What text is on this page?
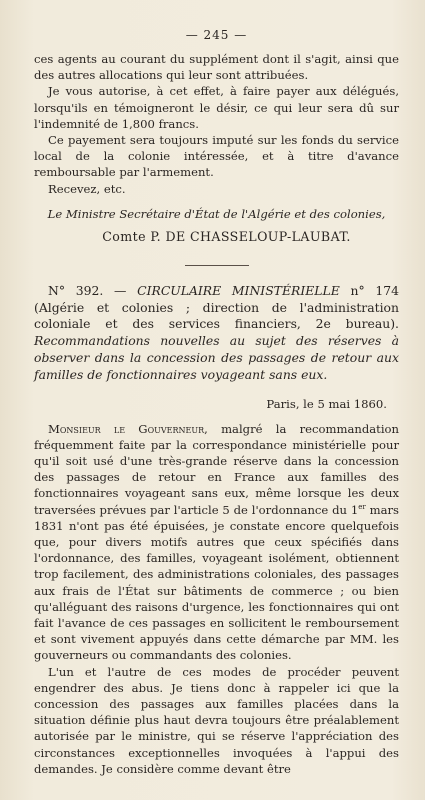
— 245 —

ces agents au courant du supplément dont il s'agit, ainsi que des autres allocations qui leur sont attribuées.

Je vous autorise, à cet effet, à faire payer aux délégués, lorsqu'ils en témoigneront le désir, ce qui leur sera dû sur l'indemnité de 1,800 francs.

Ce payement sera toujours imputé sur les fonds du service local de la colonie intéressée, et à titre d'avance remboursable par l'armement.

Recevez, etc.

Le Ministre Secrétaire d'État de l'Algérie et des colonies,
Comte P. DE CHASSELOUP-LAUBAT.
N° 392. — CIRCULAIRE MINISTÉRIELLE n° 174 (Algérie et colonies ; direction de l'administration coloniale et des services financiers, 2e bureau). Recommandations nouvelles au sujet des réserves à observer dans la concession des passages de retour aux familles de fonctionnaires voyageant sans eux.
Paris, le 5 mai 1860.

Monsieur le Gouverneur, malgré la recommandation fréquemment faite par la correspondance ministérielle pour qu'il soit usé d'une très-grande réserve dans la concession des passages de retour en France aux familles des fonctionnaires voyageant sans eux, même lorsque les deux traversées prévues par l'article 5 de l'ordonnance du 1er mars 1831 n'ont pas été épuisées, je constate encore quelquefois que, pour divers motifs autres que ceux spécifiés dans l'ordonnance, des familles, voyageant isolément, obtiennent trop facilement, des administrations coloniales, des passages aux frais de l'État sur bâtiments de commerce ; ou bien qu'alléguant des raisons d'urgence, les fonctionnaires qui ont fait l'avance de ces passages en sollicitent le remboursement et sont vivement appuyés dans cette démarche par MM. les gouverneurs ou commandants des colonies.

L'un et l'autre de ces modes de procéder peuvent engendrer des abus. Je tiens donc à rappeler ici que la concession des passages aux familles placées dans la situation définie plus haut devra toujours être préalablement autorisée par le ministre, qui se réserve l'appréciation des circonstances exceptionnelles invoquées à l'appui des demandes. Je considère comme devant être
